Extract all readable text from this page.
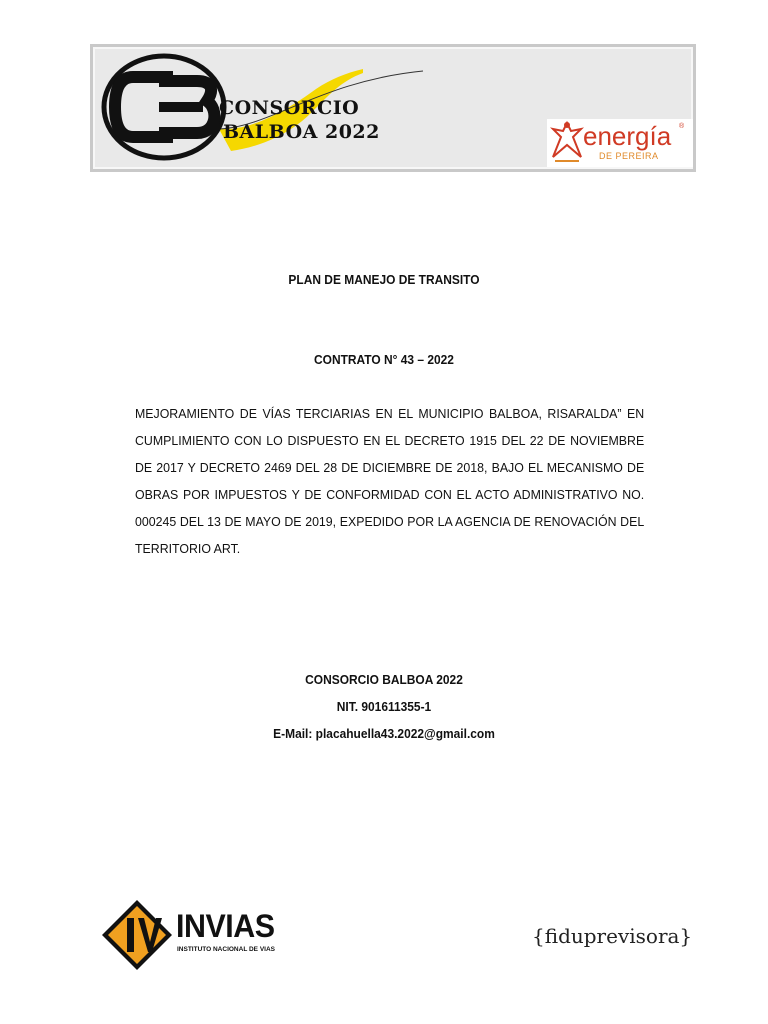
CONSORCIO
BALBOA 2022	energía ®
DE PEREIRA
PLAN DE MANEJO DE TRANSITO
CONTRATO N° 43 – 2022
MEJORAMIENTO DE VÍAS TERCIARIAS EN EL MUNICIPIO BALBOA, RISARALDA” EN CUMPLIMIENTO CON LO DISPUESTO EN EL DECRETO 1915 DEL 22 DE NOVIEMBRE DE 2017 Y DECRETO 2469 DEL 28 DE DICIEMBRE DE 2018, BAJO EL MECANISMO DE OBRAS POR IMPUESTOS Y DE CONFORMIDAD CON EL ACTO ADMINISTRATIVO NO. 000245 DEL 13 DE MAYO DE 2019, EXPEDIDO POR LA AGENCIA DE RENOVACIÓN DEL TERRITORIO ART.
CONSORCIO BALBOA 2022
NIT. 901611355-1
E-Mail: placahuella43.2022@gmail.com
INVIAS
INSTITUTO NACIONAL DE VIAS
{fiduprevisora}
